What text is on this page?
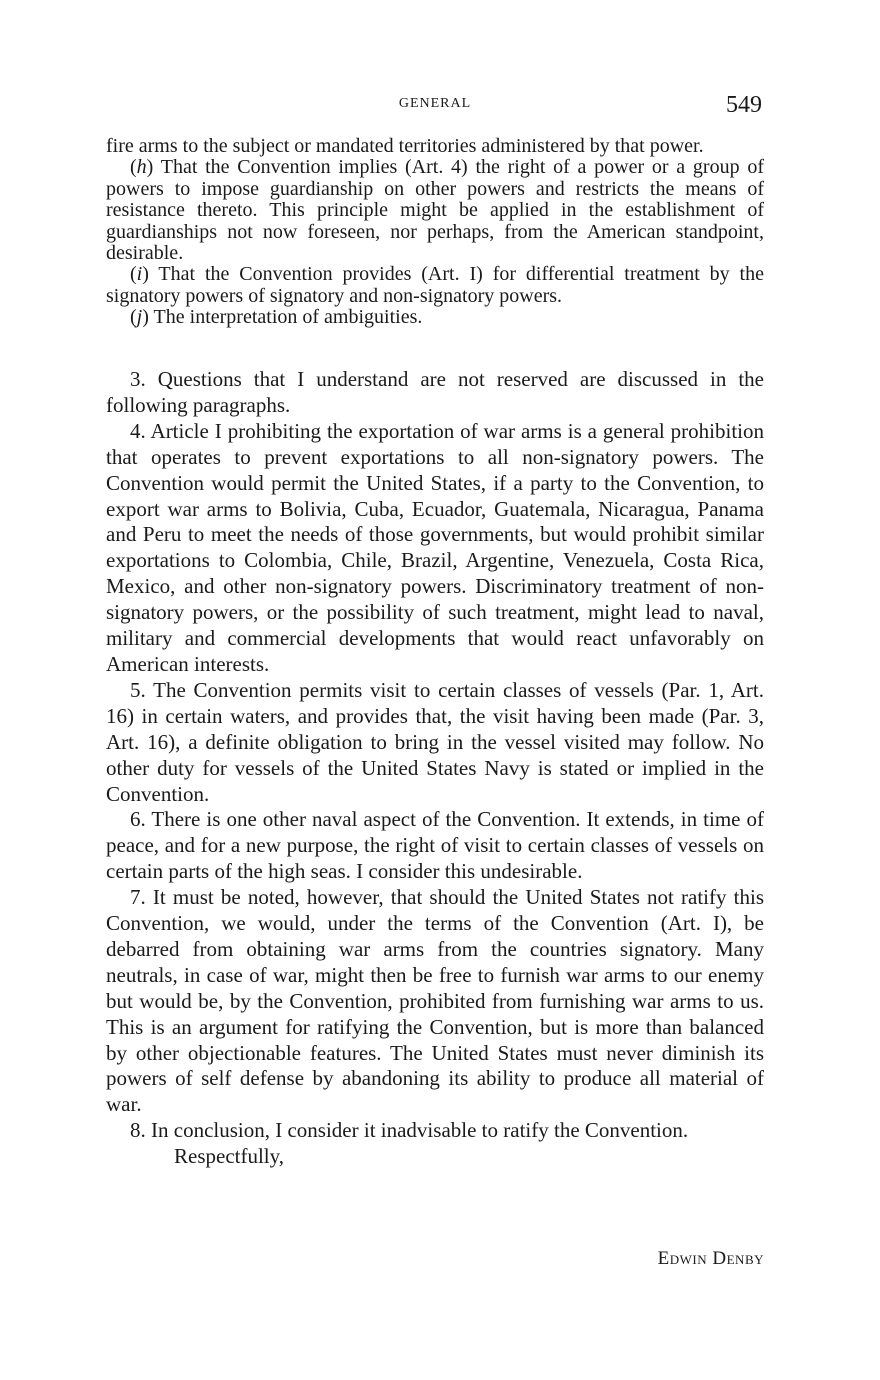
GENERAL	549

fire arms to the subject or mandated territories administered by that power.

(h) That the Convention implies (Art. 4) the right of a power or a group of powers to impose guardianship on other powers and restricts the means of resistance thereto. This principle might be applied in the establishment of guardianships not now foreseen, nor perhaps, from the American standpoint, desirable.

(i) That the Convention provides (Art. I) for differential treatment by the signatory powers of signatory and non-signatory powers.

(j) The interpretation of ambiguities.

3. Questions that I understand are not reserved are discussed in the following paragraphs.

4. Article I prohibiting the exportation of war arms is a general prohibition that operates to prevent exportations to all non-signatory powers. The Convention would permit the United States, if a party to the Convention, to export war arms to Bolivia, Cuba, Ecuador, Guatemala, Nicaragua, Panama and Peru to meet the needs of those governments, but would prohibit similar exportations to Colombia, Chile, Brazil, Argentine, Venezuela, Costa Rica, Mexico, and other non-signatory powers. Discriminatory treatment of non-signatory powers, or the possibility of such treatment, might lead to naval, military and commercial developments that would react unfavorably on American interests.

5. The Convention permits visit to certain classes of vessels (Par. 1, Art. 16) in certain waters, and provides that, the visit having been made (Par. 3, Art. 16), a definite obligation to bring in the vessel visited may follow. No other duty for vessels of the United States Navy is stated or implied in the Convention.

6. There is one other naval aspect of the Convention. It extends, in time of peace, and for a new purpose, the right of visit to certain classes of vessels on certain parts of the high seas. I consider this undesirable.

7. It must be noted, however, that should the United States not ratify this Convention, we would, under the terms of the Convention (Art. I), be debarred from obtaining war arms from the countries signatory. Many neutrals, in case of war, might then be free to furnish war arms to our enemy but would be, by the Convention, prohibited from furnishing war arms to us. This is an argument for ratifying the Convention, but is more than balanced by other objectionable features. The United States must never diminish its powers of self defense by abandoning its ability to produce all material of war.

8. In conclusion, I consider it inadvisable to ratify the Convention.

Respectfully,

Edwin Denby
